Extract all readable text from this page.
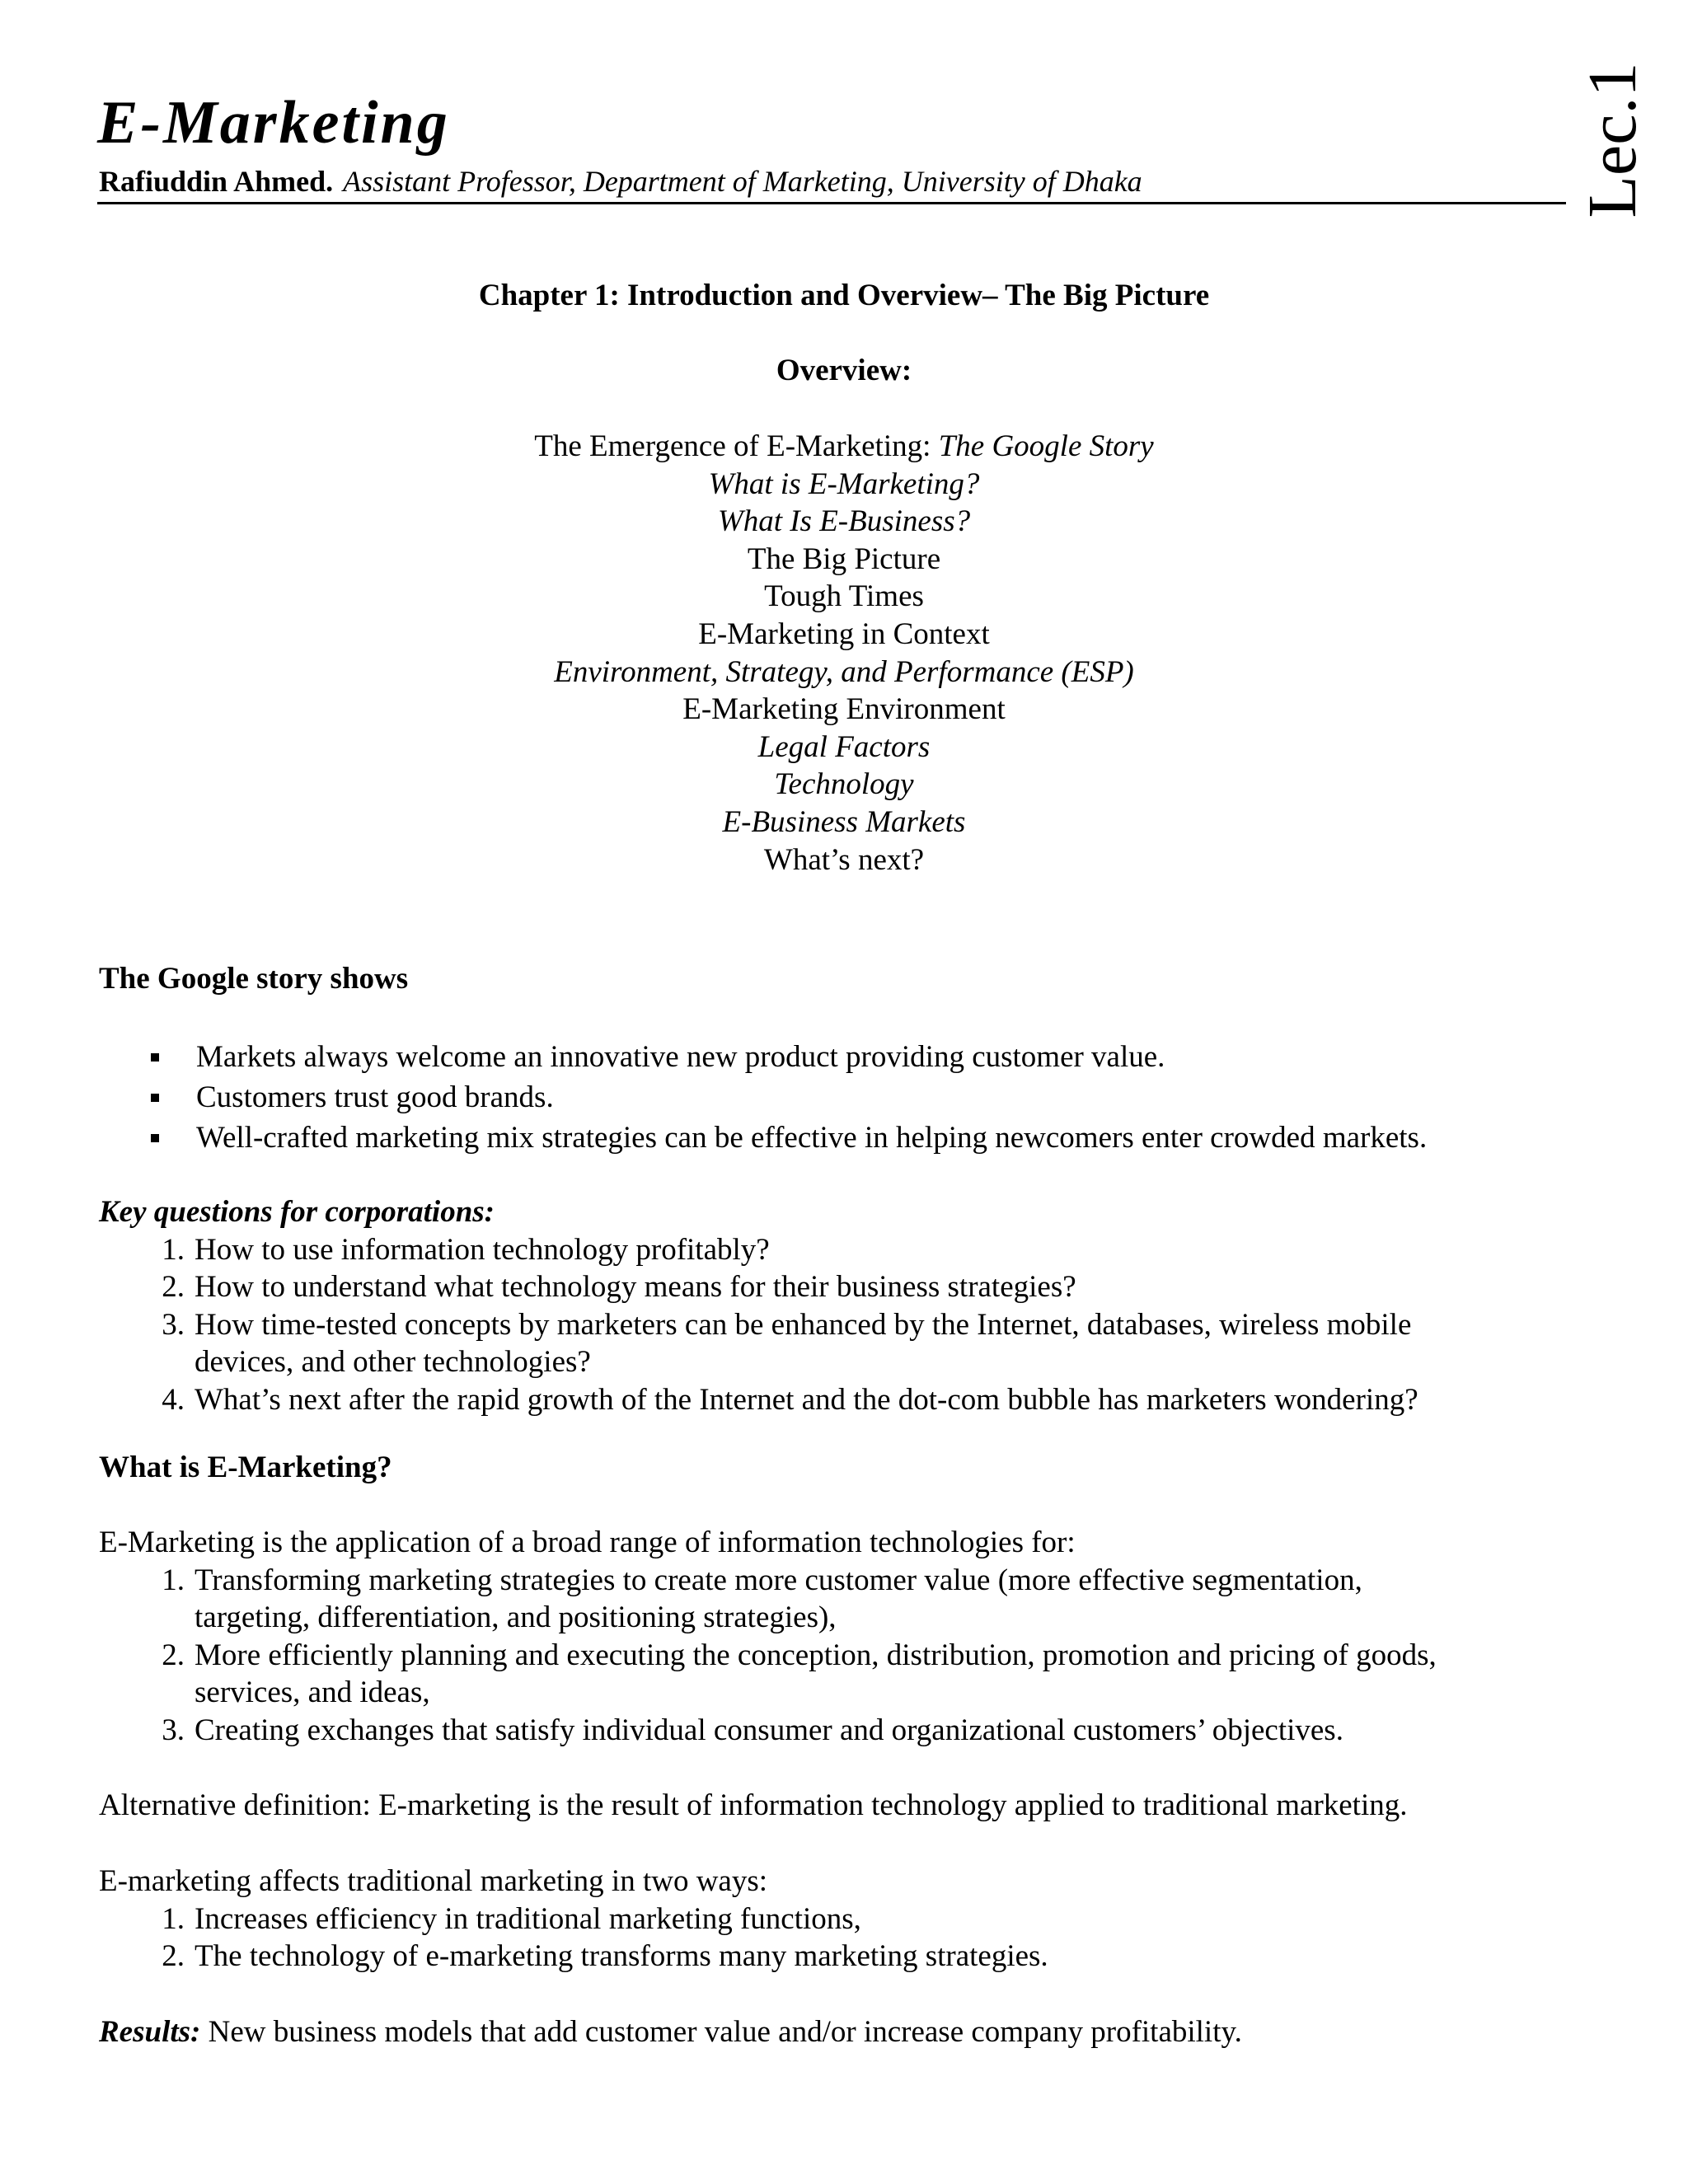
E-Marketing
Rafiuddin Ahmed. Assistant Professor, Department of Marketing, University of Dhaka	Lec.1
Chapter 1: Introduction and Overview– The Big Picture
Overview:
The Emergence of E-Marketing: The Google Story
What is E-Marketing?
What Is E-Business?
The Big Picture
Tough Times
E-Marketing in Context
Environment, Strategy, and Performance (ESP)
E-Marketing Environment
Legal Factors
Technology
E-Business Markets
What’s next?
The Google story shows
Markets always welcome an innovative new product providing customer value.
Customers trust good brands.
Well-crafted marketing mix strategies can be effective in helping newcomers enter crowded markets.
Key questions for corporations:
1. How to use information technology profitably?
2. How to understand what technology means for their business strategies?
3. How time-tested concepts by marketers can be enhanced by the Internet, databases, wireless mobile
devices, and other technologies?
4. What’s next after the rapid growth of the Internet and the dot-com bubble has marketers wondering?
What is E-Marketing?
E-Marketing is the application of a broad range of information technologies for:
1. Transforming marketing strategies to create more customer value (more effective segmentation,
targeting, differentiation, and positioning strategies),
2. More efficiently planning and executing the conception, distribution, promotion and pricing of goods,
services, and ideas,
3. Creating exchanges that satisfy individual consumer and organizational customers’ objectives.
Alternative definition: E-marketing is the result of information technology applied to traditional marketing.
E-marketing affects traditional marketing in two ways:
1. Increases efficiency in traditional marketing functions,
2. The technology of e-marketing transforms many marketing strategies.
Results: New business models that add customer value and/or increase company profitability.
